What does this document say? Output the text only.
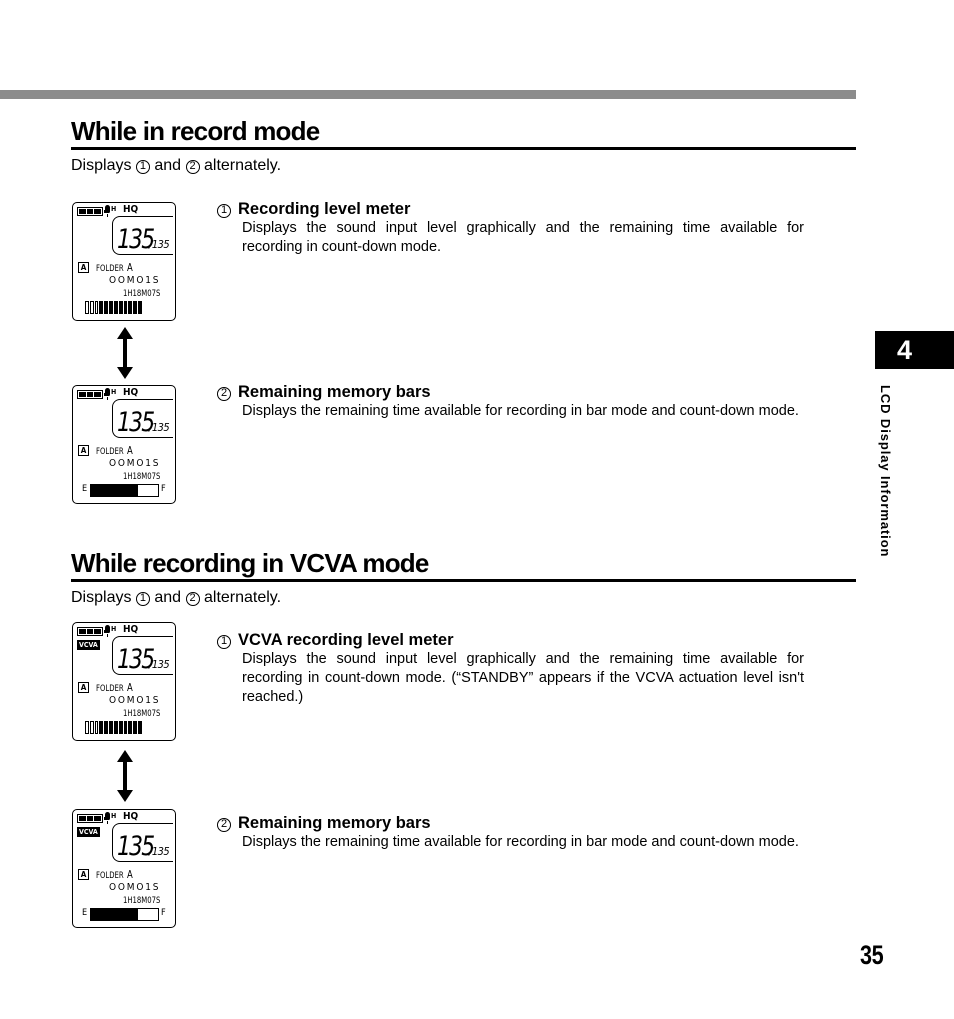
While in record mode
Displays 1 and 2 alternately.
H HQ
135
/135
A	FOLDER A
OOMO1S
1H18M07S
H HQ
135
/135
A	FOLDER A
OOMO1S
1H18M07S
E	F
1 Recording level meter
Displays the sound input level graphically and the remaining time available for recording in count-down mode.
2 Remaining memory bars
Displays the remaining time available for recording in bar mode and count-down mode.
While recording in VCVA mode
Displays 1 and 2 alternately.
H HQ
VCVA 135
/135
A	FOLDER A
OOMO1S
1H18M07S
H HQ
VCVA 135
/135
A	FOLDER A
OOMO1S
1H18M07S
E	F
1 VCVA recording level meter
Displays the sound input level graphically and the remaining time available for recording in count-down mode. (“STANDBY” appears if the VCVA actuation level isn't reached.)
2 Remaining memory bars
Displays the remaining time available for recording in bar mode and count-down mode.
4
LCD Display Information
35
